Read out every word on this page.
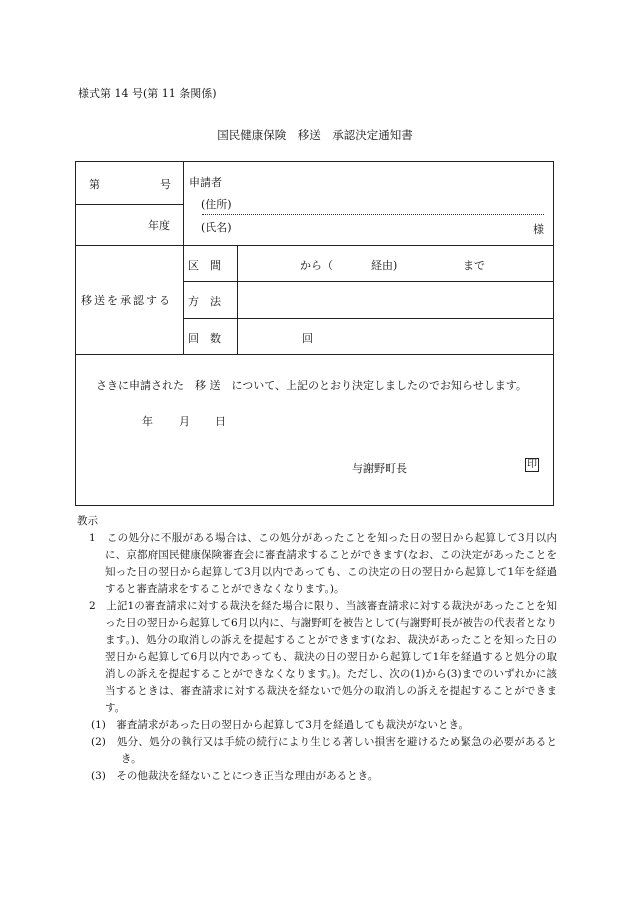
様式第 14 号(第 11 条関係)
国民健康保険　移送　承認決定通知書
第	号
年度
申請者
(住所)
(氏名)	様
移送を承認する
区　間	から（	経由)	まで
方　法
回　数	回
さきに申請された　移 送　について、上記のとおり決定しましたのでお知らせします。
年 月 日
与謝野町長	印

教示

1　この処分に不服がある場合は、この処分があったことを知った日の翌日から起算して3月以内に、京都府国民健康保険審査会に審査請求することができます(なお、この決定があったことを知った日の翌日から起算して3月以内であっても、この決定の日の翌日から起算して1年を経過すると審査請求をすることができなくなります。)。

2　上記1の審査請求に対する裁決を経た場合に限り、当該審査請求に対する裁決があったことを知った日の翌日から起算して6月以内に、与謝野町を被告として(与謝野町長が被告の代表者となります。)、処分の取消しの訴えを提起することができます(なお、裁決があったことを知った日の翌日から起算して6月以内であっても、裁決の日の翌日から起算して1年を経過すると処分の取消しの訴えを提起することができなくなります。)。ただし、次の(1)から(3)までのいずれかに該当するときは、審査請求に対する裁決を経ないで処分の取消しの訴えを提起することができます。

(1)　審査請求があった日の翌日から起算して3月を経過しても裁決がないとき。

(2)　処分、処分の執行又は手続の続行により生じる著しい損害を避けるため緊急の必要があるとき。

(3)　その他裁決を経ないことにつき正当な理由があるとき。
